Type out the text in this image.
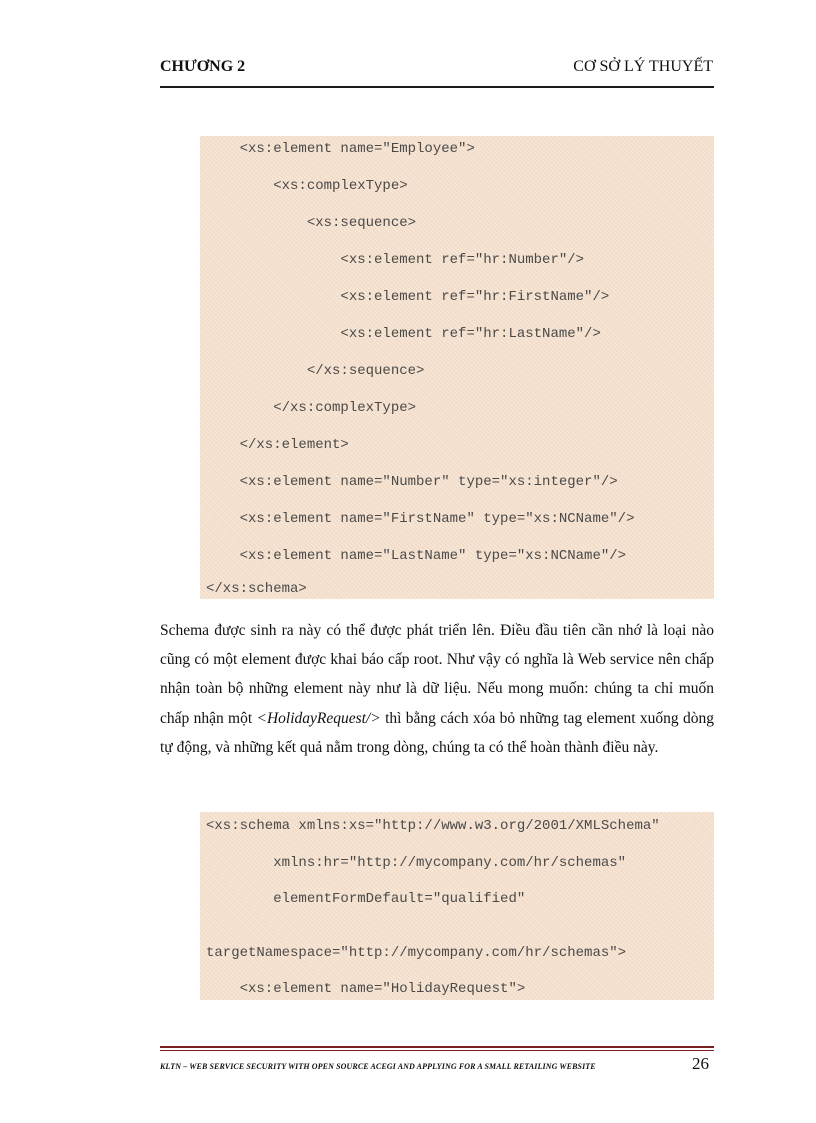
CHƯƠNG 2	CƠ SỞ LÝ THUYẾT
<xs:element name="Employee">
<xs:complexType>
<xs:sequence>
<xs:element ref="hr:Number"/>
<xs:element ref="hr:FirstName"/>
<xs:element ref="hr:LastName"/>
</xs:sequence>
</xs:complexType>
</xs:element>
<xs:element name="Number" type="xs:integer"/>
<xs:element name="FirstName" type="xs:NCName"/>
<xs:element name="LastName" type="xs:NCName"/>
</xs:schema>
Schema được sinh ra này có thể được phát triển lên. Điều đầu tiên cần nhớ là loại nào cũng có một element được khai báo cấp root. Như vậy có nghĩa là Web service nên chấp nhận toàn bộ những element này như là dữ liệu. Nếu mong muốn: chúng ta chỉ muốn chấp nhận một <HolidayRequest/> thì bằng cách xóa bỏ những tag element xuống dòng tự động, và những kết quả nằm trong dòng, chúng ta có thể hoàn thành điều này.
<xs:schema xmlns:xs="http://www.w3.org/2001/XMLSchema"
xmlns:hr="http://mycompany.com/hr/schemas"
elementFormDefault="qualified"
targetNamespace="http://mycompany.com/hr/schemas">
<xs:element name="HolidayRequest">
KLTN – WEB SERVICE SECURITY WITH OPEN SOURCE ACEGI AND APPLYING FOR A SMALL RETAILING WEBSITE	26
